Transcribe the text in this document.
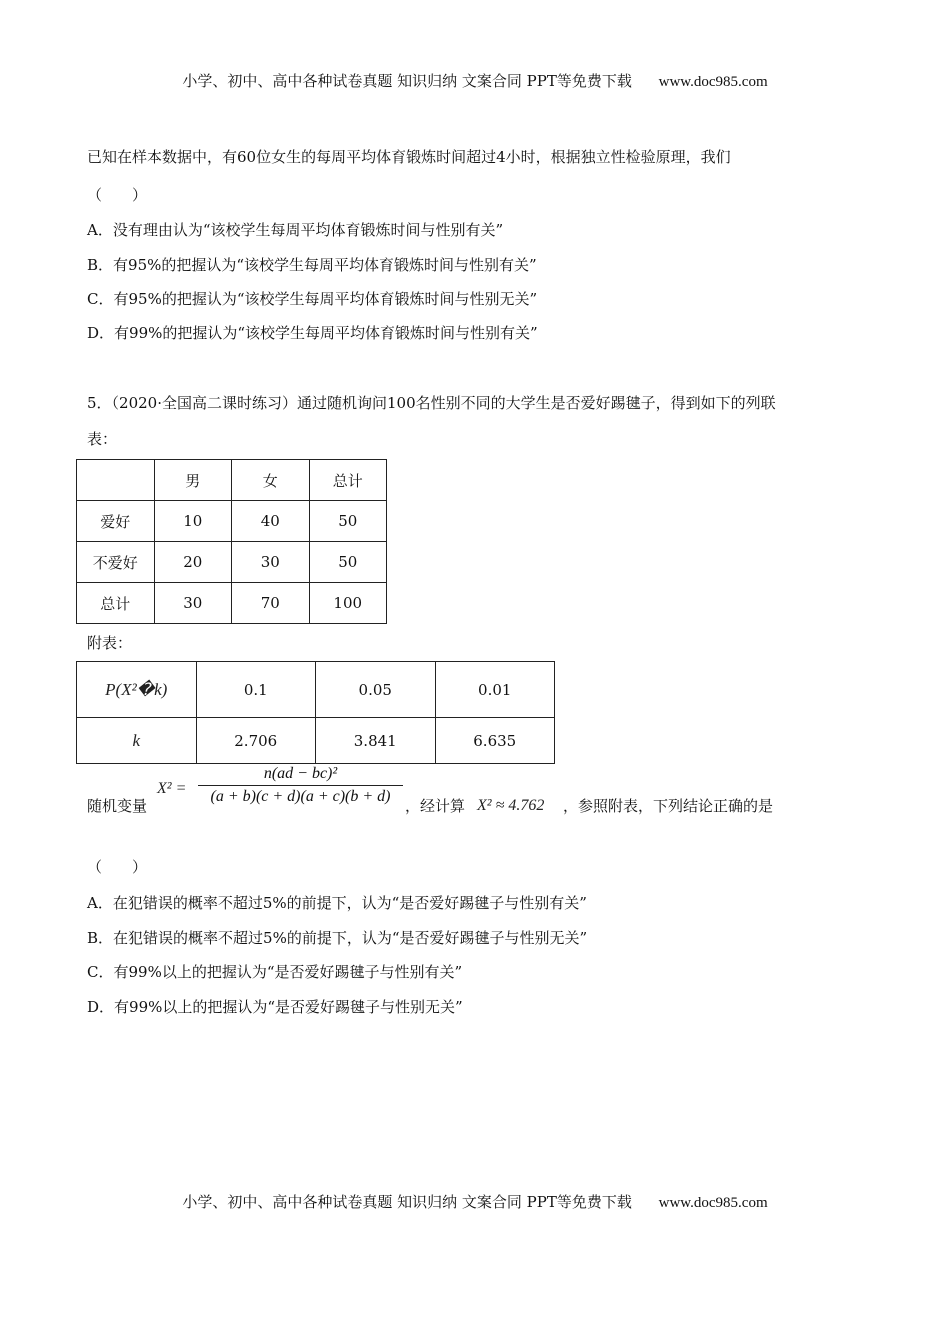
小学、初中、高中各种试卷真题 知识归纳 文案合同 PPT等免费下载 www.doc985.com
已知在样本数据中，有60位女生的每周平均体育锻炼时间超过4小时，根据独立性检验原理，我们
（　　）
A．没有理由认为“该校学生每周平均体育锻炼时间与性别有关”
B．有95%的把握认为“该校学生每周平均体育锻炼时间与性别有关”
C．有95%的把握认为“该校学生每周平均体育锻炼时间与性别无关”
D．有99%的把握认为“该校学生每周平均体育锻炼时间与性别有关”
5．（2020·全国高二课时练习）通过随机询问100名性别不同的大学生是否爱好踢毽子，得到如下的列联
表：
	男	女	总计
爱好	10	40	50
不爱好	20	30	50
总计	30	70	100
附表：
P(X²�k)	0.1	0.05	0.01
k	2.706	3.841	6.635
随机变量
$X^2 = \frac{\text{n(ad − bc)²}}{(a + b)(c + d)(a + c)(b + d)}$ ，经计算 X² ≈ 4.762 ，参照附表，下列结论正确的是
（　　）
A．在犯错误的概率不超过5%的前提下，认为“是否爱好踢毽子与性别有关”
B．在犯错误的概率不超过5%的前提下，认为“是否爱好踢毽子与性别无关”
C．有99%以上的把握认为“是否爱好踢毽子与性别有关”
D．有99%以上的把握认为“是否爱好踢毽子与性别无关”
小学、初中、高中各种试卷真题 知识归纳 文案合同 PPT等免费下载 www.doc985.com
